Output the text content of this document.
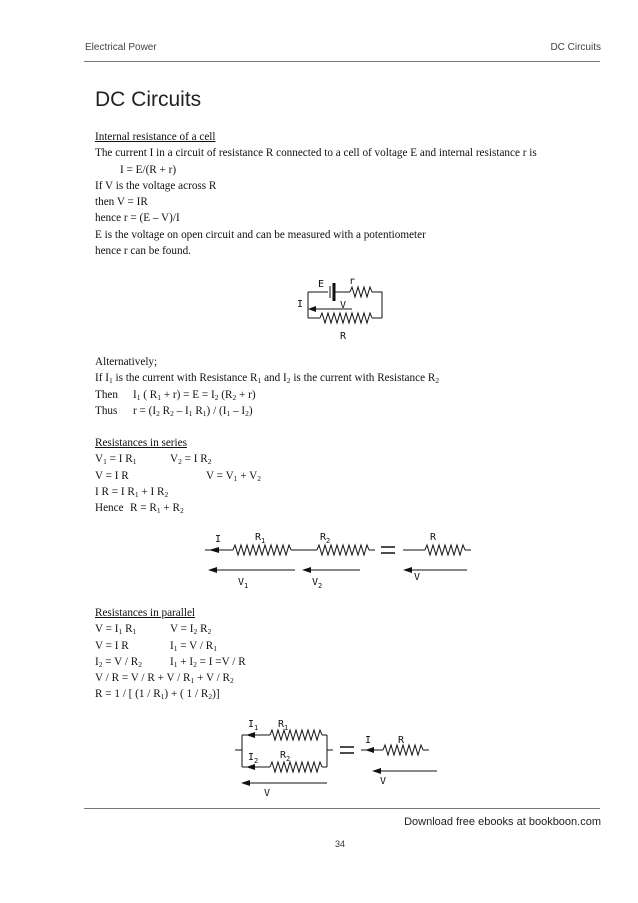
Electrical Power	DC Circuits
DC Circuits

Internal resistance of a cell

The current I in a circuit of resistance R connected to a cell of voltage E and internal resistance r is

I = E/(R + r)

If V is the voltage across R

then V = IR

hence r = (E – V)/I

E is the voltage on open circuit and can be measured with a potentiometer

hence r can be found.

E r
I	V
R

Alternatively;

If $I_1$ is the current with Resistance $R_1$ and $I_2$ is the current with Resistance $R_2$

Then $I_1$ ( $R_1 + r) = E = I_2$ $(R_2 + r)$

Thus $r = (I_2$ $R_2 - I_1$ $R_1) / (I_1 - I_2)$

Resistances in series

$V_1 = I$ $R_1$	$V_2 = I$ $R_2$

V = I R	$V = V_1 + V_2$

I R = I $R_1 + I$ $R_2$

Hence $R = R_1 + R_2$

I	$R_1$	$R_2$	R
$V_1$	$V_2$
V

Resistances in parallel

$V = I_1$ $R_1$	$V = I_2$ $R_2$

V = I R	$I_1 = V / R_1$

$I_2 = V / R_2$	$I_1 + I_2 = I =V / R$

$V / R = V / R + V / R_1 + V / R_2$

R = 1 / [ $(1 / R_1)$ + ( $1 / R_2$)]

$I_1$ $R_1$
$I_2$ $R_2$
V
I	R
V
Download free ebooks at bookboon.com
34
